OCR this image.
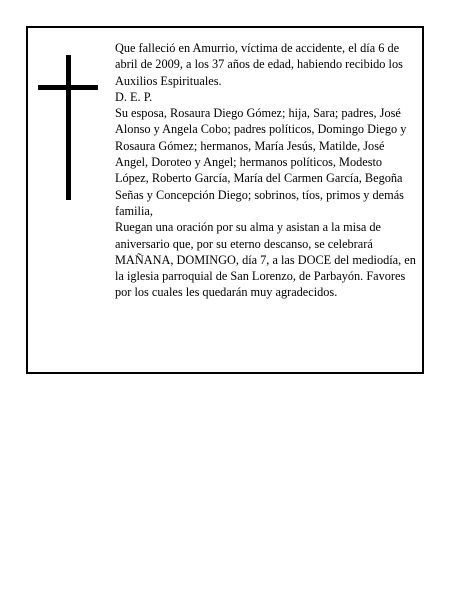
Que falleció en Amurrio, víctima de accidente, el día 6 de abril de 2009, a los 37 años de edad, habiendo recibido los Auxilios Espirituales.

D. E. P.

Su esposa, Rosaura Diego Gómez; hija, Sara; padres, José Alonso y Angela Cobo; padres políticos, Domingo Diego y Rosaura Gómez; hermanos, María Jesús, Matilde, José Angel, Doroteo y Angel; hermanos políticos, Modesto López, Roberto García, María del Carmen García, Begoña Señas y Concepción Diego; sobrinos, tíos, primos y demás familia,

Ruegan una oración por su alma y asistan a la misa de aniversario que, por su eterno descanso, se celebrará MAÑANA, DOMINGO, día 7, a las DOCE del mediodía, en la iglesia parroquial de San Lorenzo, de Parbayón. Favores por los cuales les quedarán muy agradecidos.
